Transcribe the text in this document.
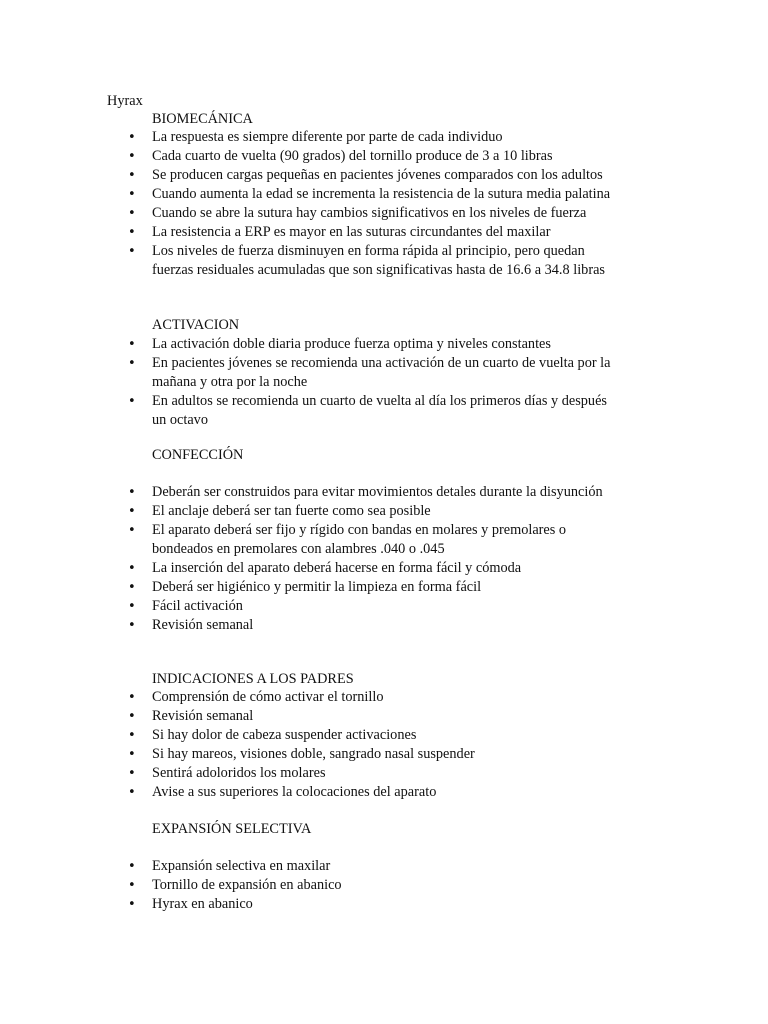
Hyrax
BIOMECÁNICA
• La respuesta es siempre diferente por parte de cada individuo
• Cada cuarto de vuelta (90 grados) del tornillo produce de 3 a 10 libras
• Se producen cargas pequeñas en pacientes jóvenes comparados con los adultos
• Cuando aumenta la edad se incrementa la resistencia de la sutura media palatina
• Cuando se abre la sutura hay cambios significativos en los niveles de fuerza
• La resistencia a ERP es mayor en las suturas circundantes del maxilar
• Los niveles de fuerza disminuyen en forma rápida al principio, pero quedan fuerzas residuales acumuladas que son significativas hasta de 16.6 a 34.8 libras
ACTIVACION
• La activación doble diaria produce fuerza optima y niveles constantes
• En pacientes jóvenes se recomienda una activación de un cuarto de vuelta por la mañana y otra por la noche
• En adultos se recomienda un cuarto de vuelta al día los primeros días y después un octavo
CONFECCIÓN
• Deberán ser construidos para evitar movimientos detales durante la disyunción
• El anclaje deberá ser tan fuerte como sea posible
• El aparato deberá ser fijo y rígido con bandas en molares y premolares o bondeados en premolares con alambres .040 o .045
• La inserción del aparato deberá hacerse en forma fácil y cómoda
• Deberá ser higiénico y permitir la limpieza en forma fácil
• Fácil activación
• Revisión semanal
INDICACIONES A LOS PADRES
• Comprensión de cómo activar el tornillo
• Revisión semanal
• Si hay dolor de cabeza suspender activaciones
• Si hay mareos, visiones doble, sangrado nasal suspender
• Sentirá adoloridos los molares
• Avise a sus superiores la colocaciones del aparato
EXPANSIÓN SELECTIVA
• Expansión selectiva en maxilar
• Tornillo de expansión en abanico
• Hyrax en abanico
